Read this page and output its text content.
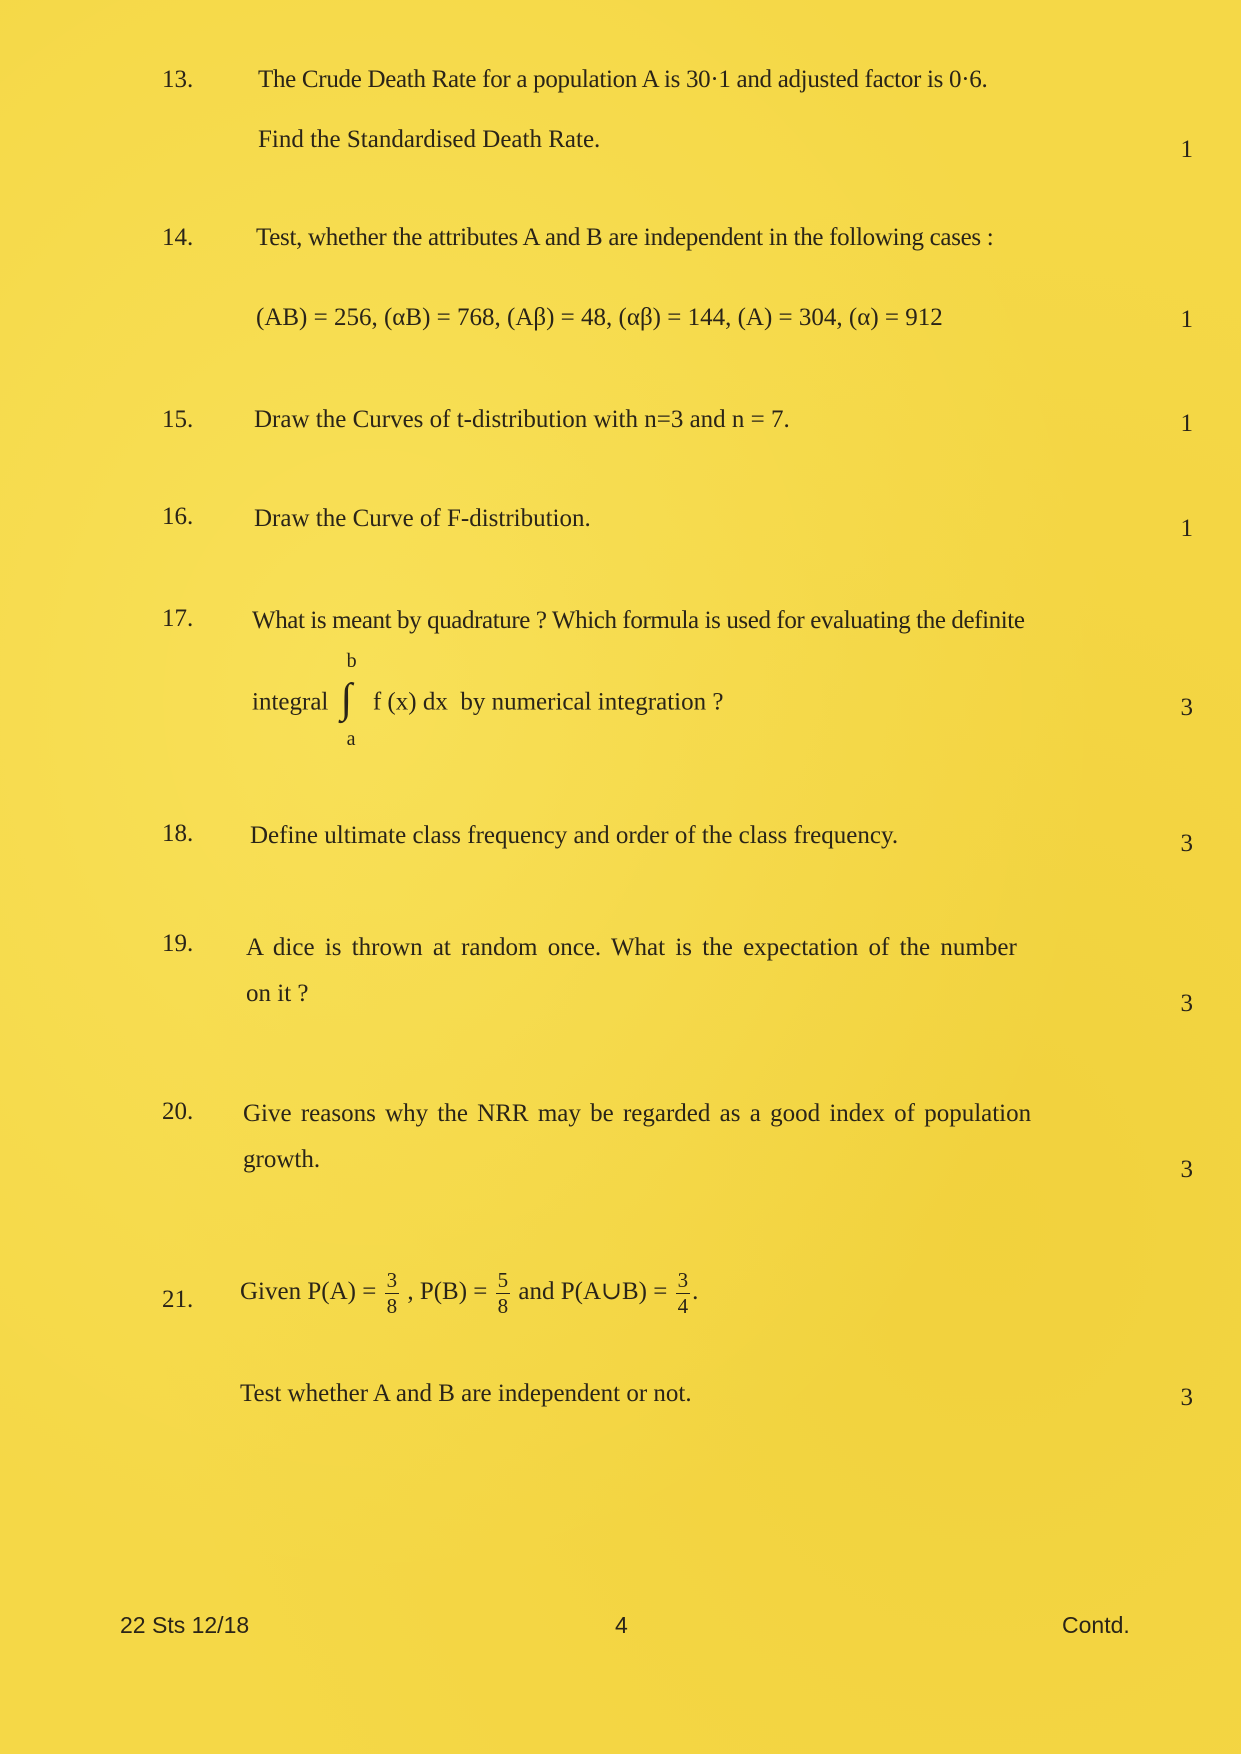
13.	The Crude Death Rate for a population A is 30·1 and adjusted factor is 0·6.
Find the Standardised Death Rate.	1
14.	Test, whether the attributes A and B are independent in the following cases :
(AB) = 256, (αB) = 768, (Aβ) = 48, (αβ) = 144, (A) = 304, (α) = 912	1
15. Draw the Curves of t-distribution with n=3 and n = 7.	1
16. Draw the Curve of F-distribution.	1
17. What is meant by quadrature ? Which formula is used for evaluating the definite
integral ∫
b
a
f (x) dx by numerical integration ?	3
18. Define ultimate class frequency and order of the class frequency.	3
19. A dice is thrown at random once. What is the expectation of the number
on it ?	3
20. Give reasons why the NRR may be regarded as a good index of population
growth.	3
21. Given $P(A) = \frac{3}{8}$ , $P(B) = \frac{5}{8}$ and P(A∪B) = $\frac{3}{4}$ .
Test whether A and B are independent or not.	3
22 Sts 12/18	4	Contd.
